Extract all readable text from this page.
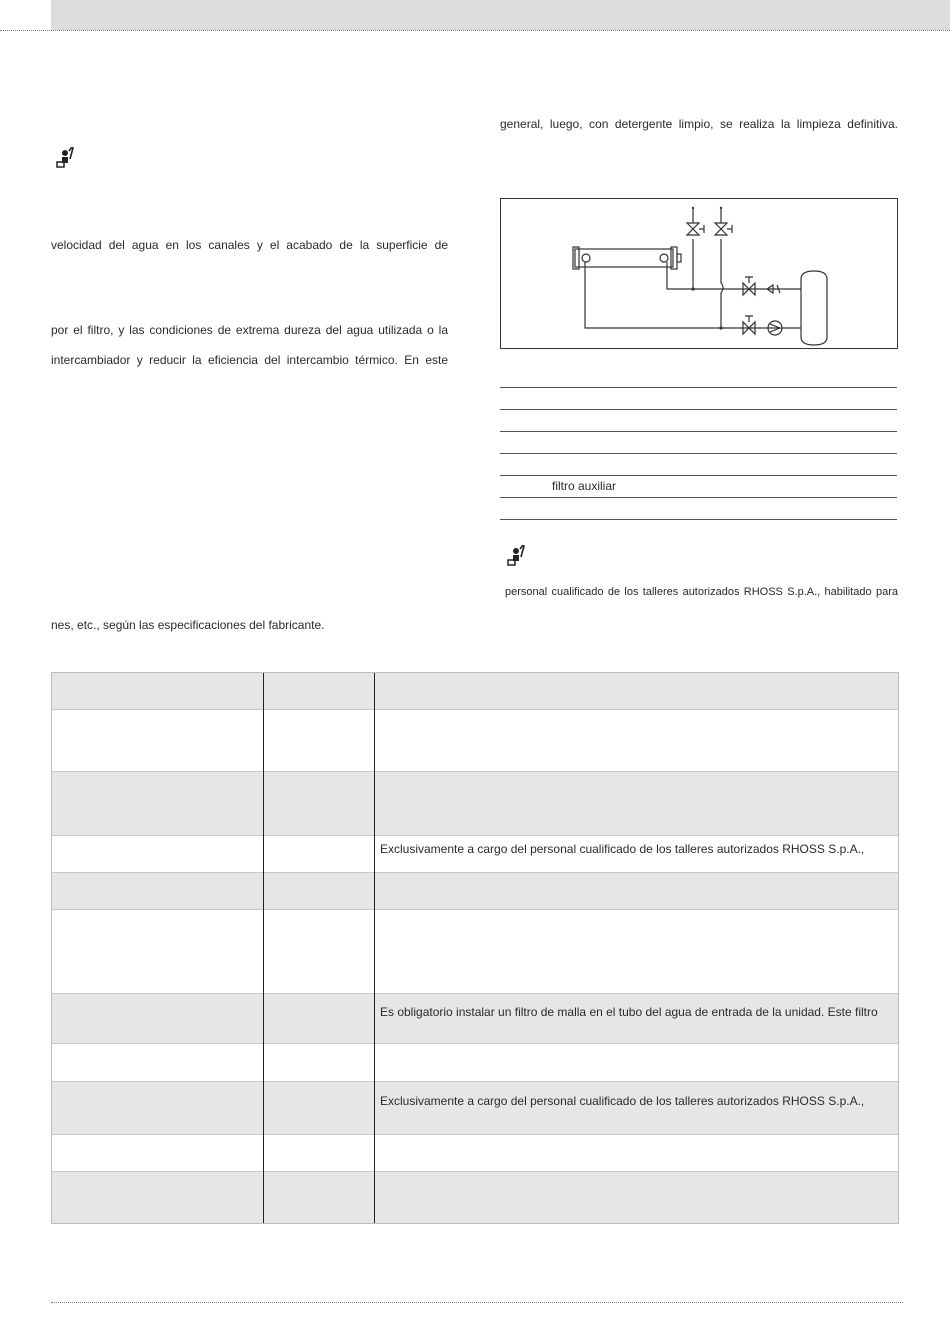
velocidad del agua en los canales y el acabado de la superficie de
por el filtro, y las condiciones de extrema dureza del agua utilizada o la
intercambiador y reducir la eficiencia del intercambio térmico. En este
nes, etc., según las especificaciones del fabricante.
general, luego, con detergente limpio, se realiza la limpieza definitiva.
filtro auxiliar
personal cualificado de los talleres autorizados RHOSS S.p.A., habilitado para
Exclusivamente a cargo del personal cualificado de los talleres autorizados RHOSS S.p.A.,
Es obligatorio instalar un filtro de malla en el tubo del agua de entrada de la unidad. Este filtro
Exclusivamente a cargo del personal cualificado de los talleres autorizados RHOSS S.p.A.,
